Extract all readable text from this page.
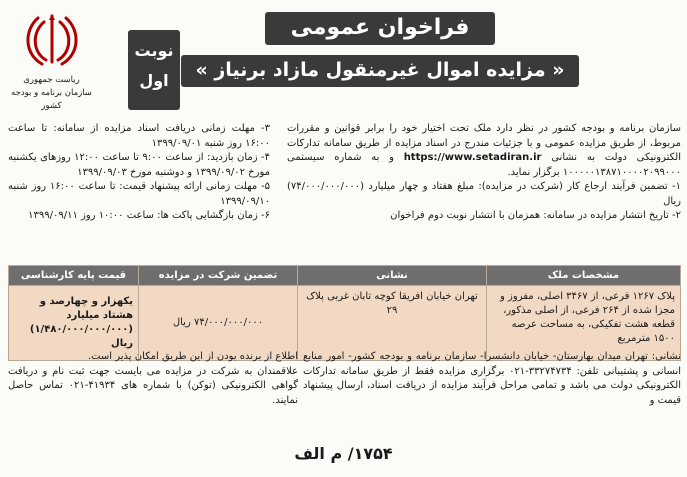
ریاست جمهوری
سازمان برنامه و بودجه کشور
فراخوان عمومی
« مزایده اموال غیرمنقول مازاد برنیاز »
نوبت
اول

سازمان برنامه و بودجه کشور در نظر دارد ملک تحت اختیار خود را برابر قوانین و مقررات مربوط، از طریق مزایده عمومی و با جزئیات مندرج در اسناد مزایده از طریق سامانه تدارکات الکترونیکی دولت به نشانی https://www.setadiran.ir و به شماره سیستمی ۱۰۰۰۰۰۱۳۸۷۱۰۰۰۰۲۰۹۹۰۰۰ برگزار نماید.

۱- تضمین فرآیند ارجاع کار (شرکت در مزایده): مبلغ هفتاد و چهار میلیارد (۷۴/۰۰۰/۰۰۰/۰۰۰) ریال

۲- تاریخ انتشار مزایده در سامانه: همزمان با انتشار نوبت دوم فراخوان

۳- مهلت زمانی دریافت اسناد مزایده از سامانه: تا ساعت ۱۶:۰۰ روز شنبه ۱۳۹۹/۰۹/۰۱

۴- زمان بازدید: از ساعت ۹:۰۰ تا ساعت ۱۲:۰۰ روزهای یکشنبه مورخ ۱۳۹۹/۰۹/۰۲ و دوشنبه مورخ ۱۳۹۹/۰۹/۰۳

۵- مهلت زمانی ارائه پیشنهاد قیمت: تا ساعت ۱۶:۰۰ روز شنبه ۱۳۹۹/۰۹/۱۰

۶- زمان بازگشایی پاکت ها: ساعت ۱۰:۰۰ روز ۱۳۹۹/۰۹/۱۱

مشخصات ملک	نشانی	تضمین شرکت در مزایده	قیمت پایه کارشناسی
پلاک ۱۲۶۷ فرعی، از ۳۴۶۷ اصلی، مفروز و مجزا شده از ۲۶۴ فرعی، از اصلی مذکور، قطعه هشت تفکیکی، به مساحت عرصه ۱۵۰۰ مترمربع	تهران خیابان افریقا کوچه تابان غربی پلاک ۲۹	۷۴/۰۰۰/۰۰۰/۰۰۰ ریال	یکهزار و چهارصد و هشتاد میلیارد (۱/۴۸۰/۰۰۰/۰۰۰/۰۰۰) ریال

اطلاع از برنده بودن از این طریق امکان پذیر است.

علاقمندان به شرکت در مزایده می بایست جهت ثبت نام و دریافت گواهی الکترونیکی (توکن) با شماره های ۴۱۹۳۴-۰۲۱ تماس حاصل نمایند.

نشانی: تهران میدان بهارستان- خیابان دانشسرا- سازمان برنامه و بودجه کشور- امور منابع انسانی و پشتیبانی تلفن: ۳۳۲۷۴۷۳۴-۰۲۱ برگزاری مزایده فقط از طریق سامانه تدارکات الکترونیکی دولت می باشد و تمامی مراحل فرآیند مزایده از دریافت اسناد، ارسال پیشنهاد قیمت و

۱۷۵۴/ م الف
